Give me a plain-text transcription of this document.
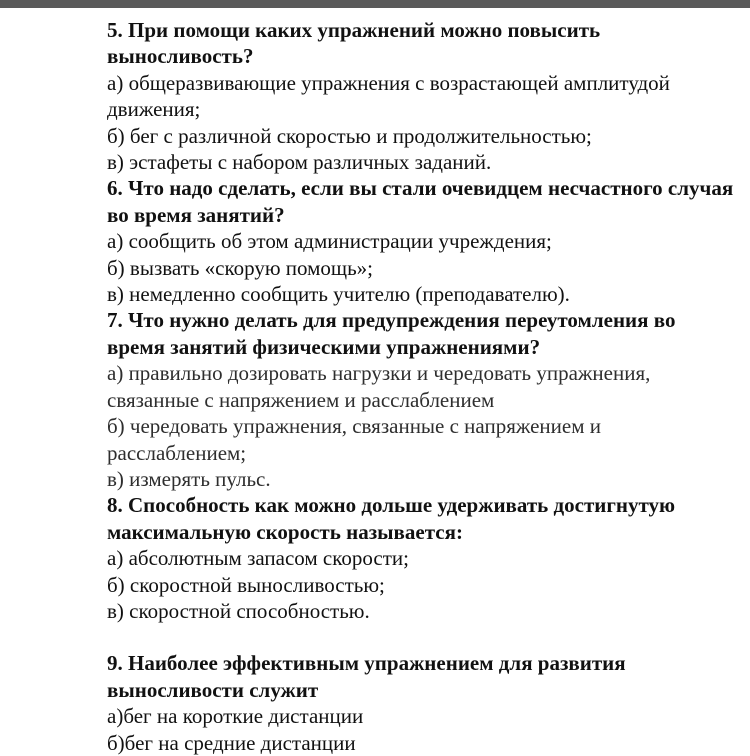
5. При помощи каких упражнений можно повысить выносливость?
а) общеразвивающие упражнения с возрастающей амплитудой движения;
б) бег с различной скоростью и продолжительностью;
в) эстафеты с набором различных заданий.
6. Что надо сделать, если вы стали очевидцем несчастного случая во время занятий?
а) сообщить об этом администрации учреждения;
б) вызвать «скорую помощь»;
в) немедленно сообщить учителю (преподавателю).
7. Что нужно делать для предупреждения переутомления во время занятий физическими упражнениями?
а) правильно дозировать нагрузки и чередовать упражнения, связанные с напряжением и расслаблением
б) чередовать упражнения, связанные с напряжением и расслаблением;
в) измерять пульс.
8. Способность как можно дольше удерживать достигнутую максимальную скорость называется:
а) абсолютным запасом скорости;
б) скоростной выносливостью;
в) скоростной способностью.
9. Наиболее эффективным упражнением для развития выносливости служит
а)бег на короткие дистанции
б)бег на средние дистанции
